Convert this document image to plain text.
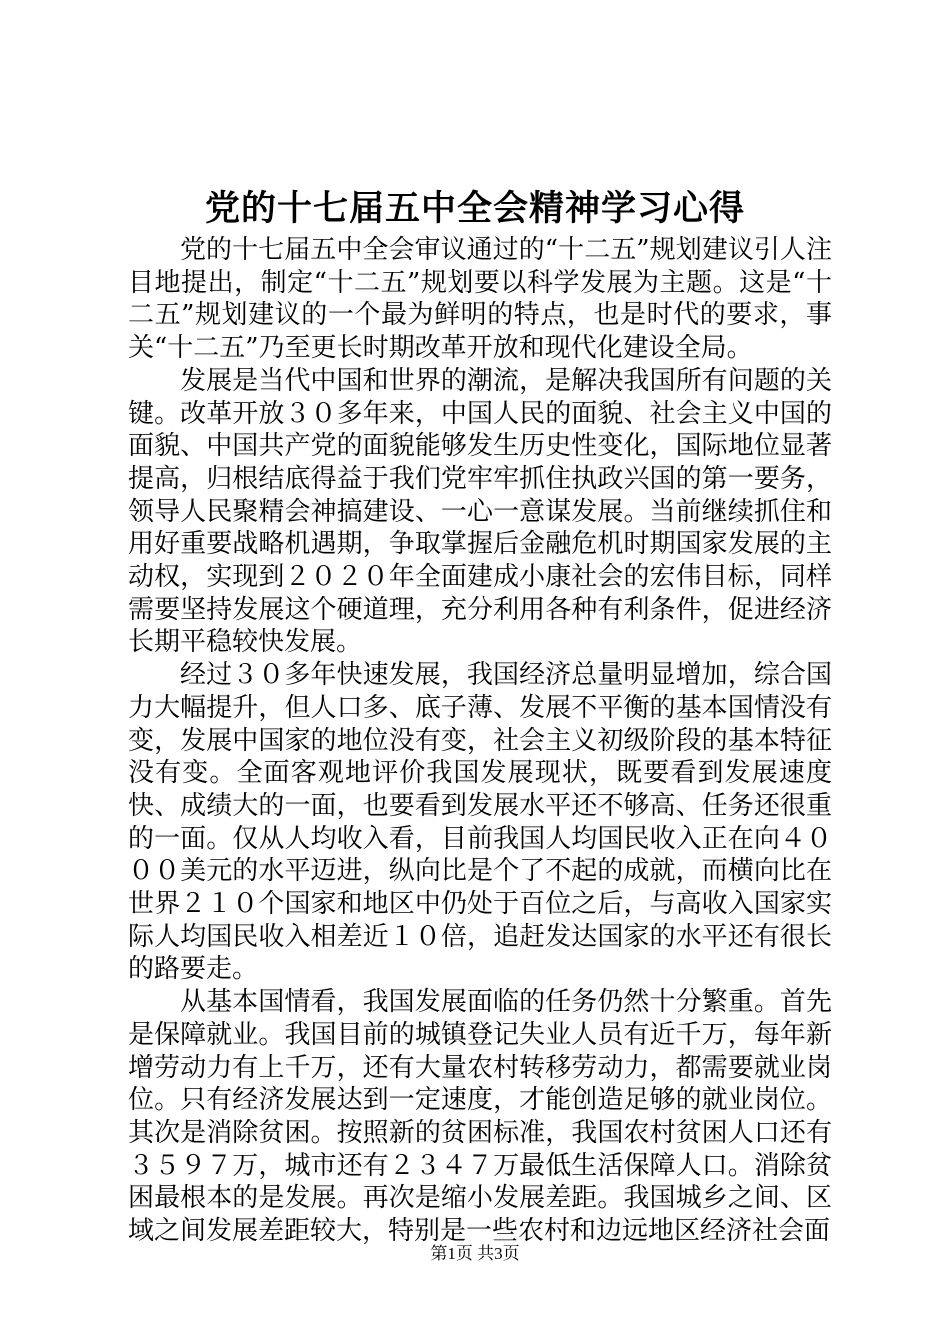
党的十七届五中全会精神学习心得

党的十七届五中全会审议通过的“十二五”规划建议引人注目地提出，制定“十二五”规划要以科学发展为主题。这是“十二五”规划建议的一个最为鲜明的特点，也是时代的要求，事关“十二五”乃至更长时期改革开放和现代化建设全局。

发展是当代中国和世界的潮流，是解决我国所有问题的关键。改革开放３０多年来，中国人民的面貌、社会主义中国的面貌、中国共产党的面貌能够发生历史性变化，国际地位显著提高，归根结底得益于我们党牢牢抓住执政兴国的第一要务，领导人民聚精会神搞建设、一心一意谋发展。当前继续抓住和用好重要战略机遇期，争取掌握后金融危机时期国家发展的主动权，实现到２０２０年全面建成小康社会的宏伟目标，同样需要坚持发展这个硬道理，充分利用各种有利条件，促进经济长期平稳较快发展。

经过３０多年快速发展，我国经济总量明显增加，综合国力大幅提升，但人口多、底子薄、发展不平衡的基本国情没有变，发展中国家的地位没有变，社会主义初级阶段的基本特征没有变。全面客观地评价我国发展现状，既要看到发展速度快、成绩大的一面，也要看到发展水平还不够高、任务还很重的一面。仅从人均收入看，目前我国人均国民收入正在向４０００美元的水平迈进，纵向比是个了不起的成就，而横向比在世界２１０个国家和地区中仍处于百位之后，与高收入国家实际人均国民收入相差近１０倍，追赶发达国家的水平还有很长的路要走。

从基本国情看，我国发展面临的任务仍然十分繁重。首先是保障就业。我国目前的城镇登记失业人员有近千万，每年新增劳动力有上千万，还有大量农村转移劳动力，都需要就业岗位。只有经济发展达到一定速度，才能创造足够的就业岗位。其次是消除贫困。按照新的贫困标准，我国农村贫困人口还有３５９７万，城市还有２３４７万最低生活保障人口。消除贫困最根本的是发展。再次是缩小发展差距。我国城乡之间、区域之间发展差距较大，特别是一些农村和边远地区经济社会面

第1页 共3页
